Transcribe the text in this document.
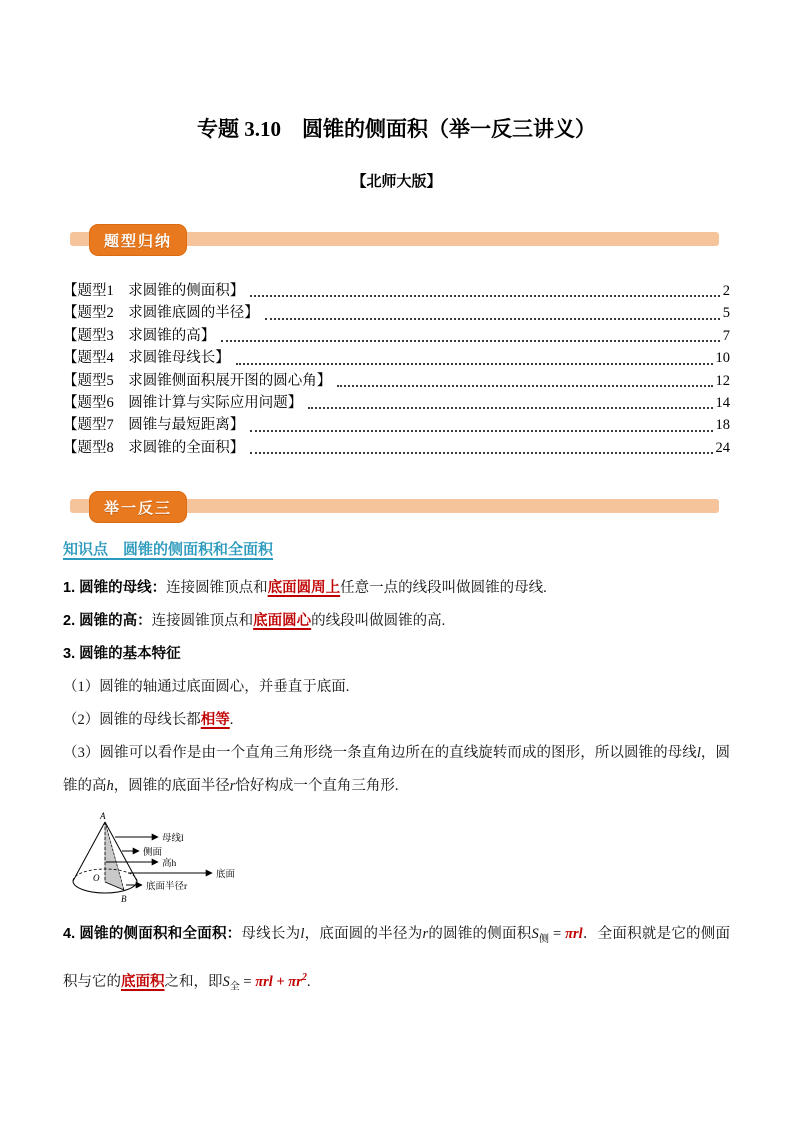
专题 3.10　圆锥的侧面积（举一反三讲义）
【北师大版】
题型归纳
【题型1　求圆锥的侧面积】	2
【题型2　求圆锥底圆的半径】	5
【题型3　求圆锥的高】	7
【题型4　求圆锥母线长】	10
【题型5　求圆锥侧面积展开图的圆心角】	12
【题型6　圆锥计算与实际应用问题】	14
【题型7　圆锥与最短距离】	18
【题型8　求圆锥的全面积】	24
举一反三
知识点　圆锥的侧面积和全面积

1. 圆锥的母线：连接圆锥顶点和底面圆周上任意一点的线段叫做圆锥的母线.

2. 圆锥的高：连接圆锥顶点和底面圆心的线段叫做圆锥的高.

3. 圆锥的基本特征

（1）圆锥的轴通过底面圆心，并垂直于底面.

（2）圆锥的母线长都相等.

（3）圆锥可以看作是由一个直角三角形绕一条直角边所在的直线旋转而成的图形，所以圆锥的母线l，圆锥的高h，圆锥的底面半径r恰好构成一个直角三角形.

A
O
B
母线l
侧面
高h
底面
底面半径r

4. 圆锥的侧面积和全面积：母线长为l，底面圆的半径为r的圆锥的侧面积$S_侧 = \pi rl$．全面积就是它的侧面积与它的底面积之和，即$S_全 = \pi rl + \pi r^2$.
